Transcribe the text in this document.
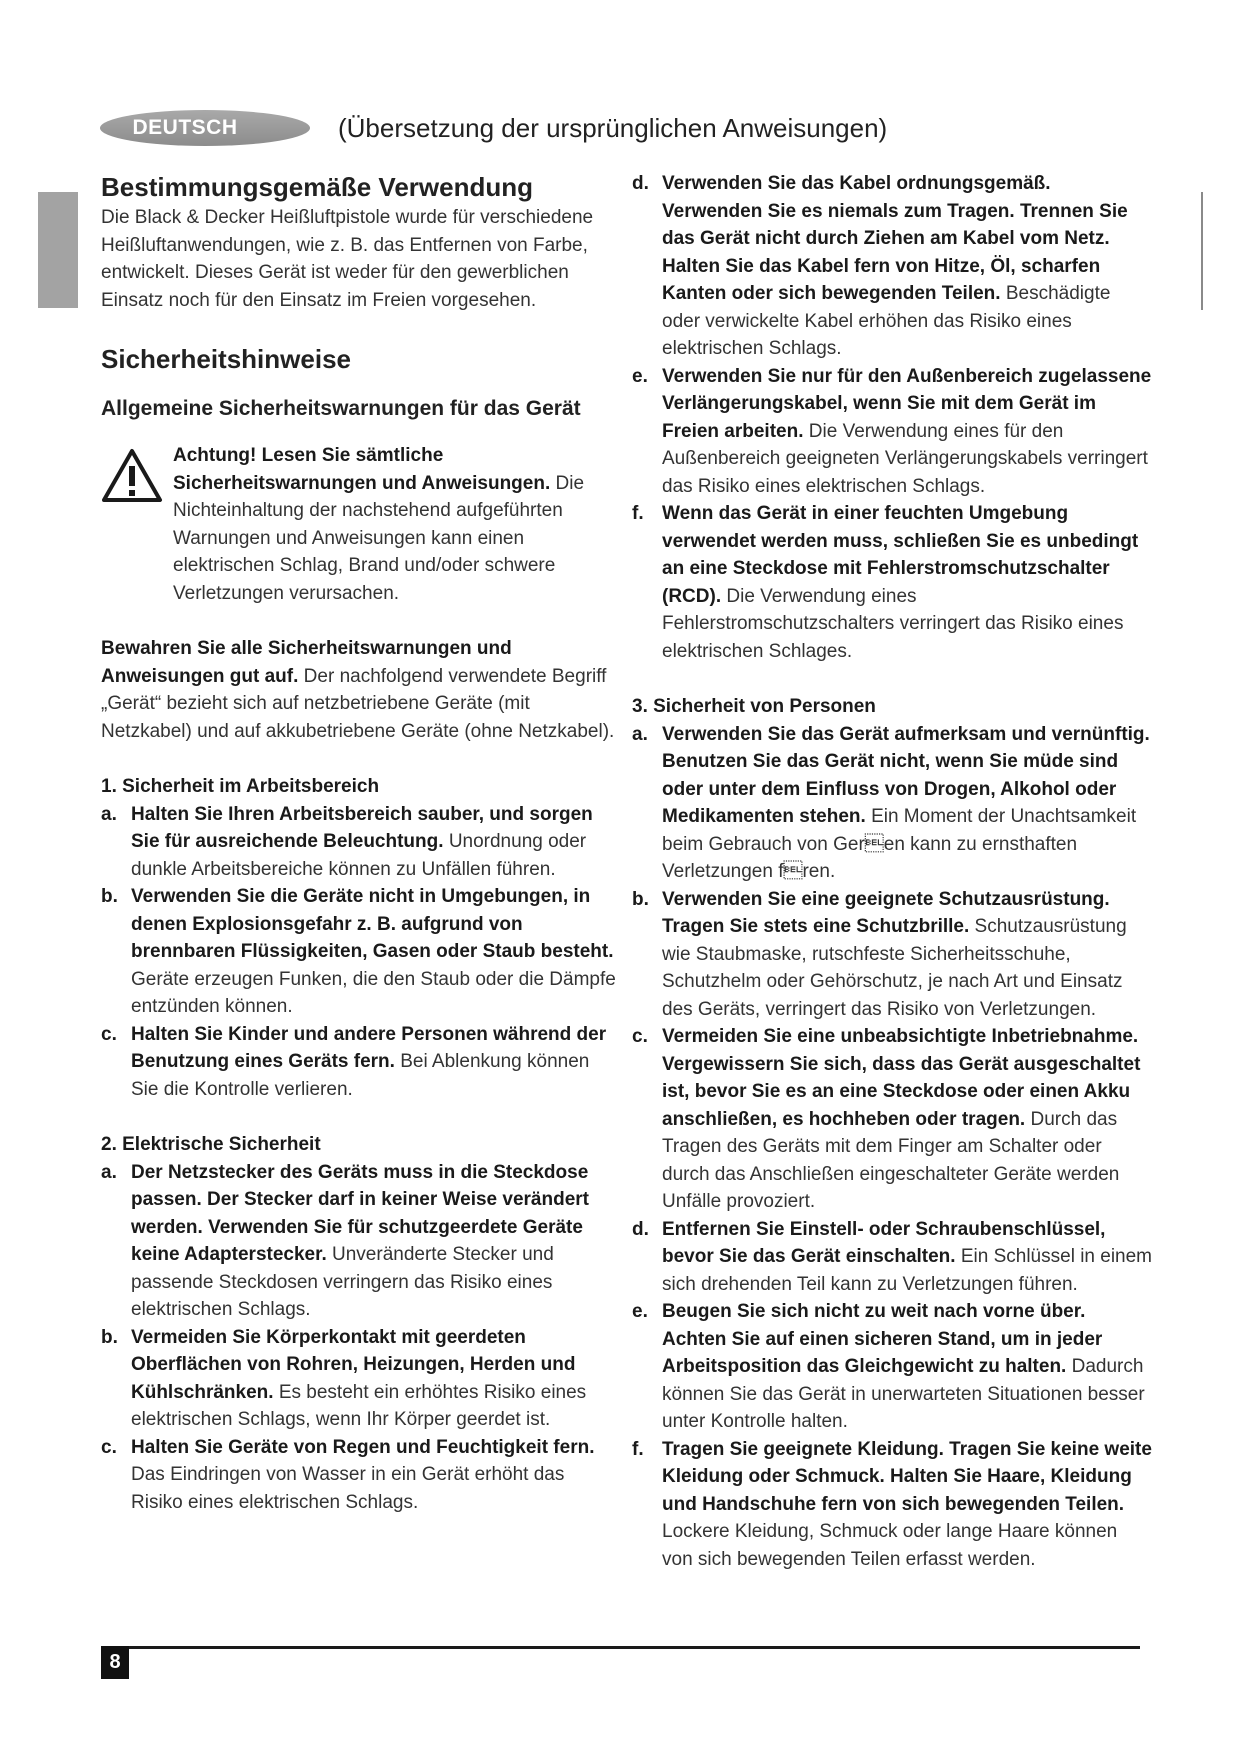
DEUTSCH	(Übersetzung der ursprünglichen Anweisungen)
Bestimmungsgemäße Verwendung

Die Black & Decker Heißluftpistole wurde für verschiedene Heißluftanwendungen, wie z. B. das Entfernen von Farbe, entwickelt. Dieses Gerät ist weder für den gewerblichen Einsatz noch für den Einsatz im Freien vorgesehen.

Sicherheitshinweise
Allgemeine Sicherheitswarnungen für das Gerät

Achtung! Lesen Sie sämtliche Sicherheitswarnungen und Anweisungen. Die Nichteinhaltung der nachstehend aufgeführten Warnungen und Anweisungen kann einen elektrischen Schlag, Brand und/oder schwere Verletzungen verursachen.

Bewahren Sie alle Sicherheitswarnungen und Anweisungen gut auf. Der nachfolgend verwendete Begriff „Gerät“ bezieht sich auf netzbetriebene Geräte (mit Netzkabel) und auf akkubetriebene Geräte (ohne Netzkabel).

1. Sicherheit im Arbeitsbereich
a. Halten Sie Ihren Arbeitsbereich sauber, und sorgen Sie für ausreichende Beleuchtung. Unordnung oder dunkle Arbeitsbereiche können zu Unfällen führen.
b. Verwenden Sie die Geräte nicht in Umgebungen, in denen Explosionsgefahr z. B. aufgrund von brennbaren Flüssigkeiten, Gasen oder Staub besteht. Geräte erzeugen Funken, die den Staub oder die Dämpfe entzünden können.
c. Halten Sie Kinder und andere Personen während der Benutzung eines Geräts fern. Bei Ablenkung können Sie die Kontrolle verlieren.
2. Elektrische Sicherheit
a. Der Netzstecker des Geräts muss in die Steckdose passen. Der Stecker darf in keiner Weise verändert werden. Verwenden Sie für schutzgeerdete Geräte keine Adapterstecker. Unveränderte Stecker und passende Steckdosen verringern das Risiko eines elektrischen Schlags.
b. Vermeiden Sie Körperkontakt mit geerdeten Oberflächen von Rohren, Heizungen, Herden und Kühlschränken. Es besteht ein erhöhtes Risiko eines elektrischen Schlags, wenn Ihr Körper geerdet ist.
c. Halten Sie Geräte von Regen und Feuchtigkeit fern. Das Eindringen von Wasser in ein Gerät erhöht das Risiko eines elektrischen Schlags.
d. Verwenden Sie das Kabel ordnungsgemäß. Verwenden Sie es niemals zum Tragen. Trennen Sie das Gerät nicht durch Ziehen am Kabel vom Netz. Halten Sie das Kabel fern von Hitze, Öl, scharfen Kanten oder sich bewegenden Teilen. Beschädigte oder verwickelte Kabel erhöhen das Risiko eines elektrischen Schlags.
e. Verwenden Sie nur für den Außenbereich zugelassene Verlängerungskabel, wenn Sie mit dem Gerät im Freien arbeiten. Die Verwendung eines für den Außenbereich geeigneten Verlängerungskabels verringert das Risiko eines elektrischen Schlags.
f. Wenn das Gerät in einer feuchten Umgebung verwendet werden muss, schließen Sie es unbedingt an eine Steckdose mit Fehlerstromschutzschalter (RCD). Die Verwendung eines Fehlerstromschutzschalters verringert das Risiko eines elektrischen Schlages.
3. Sicherheit von Personen
a. Verwenden Sie das Gerät aufmerksam und vernünftig. Benutzen Sie das Gerät nicht, wenn Sie müde sind oder unter dem Einfluss von Drogen, Alkohol oder Medikamenten stehen. Ein Moment der Unachtsamkeit beim Gebrauch von Geren kann zu ernsthaften Verletzungen fren.
b. Verwenden Sie eine geeignete Schutzausrüstung. Tragen Sie stets eine Schutzbrille. Schutzausrüstung wie Staubmaske, rutschfeste Sicherheitsschuhe, Schutzhelm oder Gehörschutz, je nach Art und Einsatz des Geräts, verringert das Risiko von Verletzungen.
c. Vermeiden Sie eine unbeabsichtigte Inbetriebnahme. Vergewissern Sie sich, dass das Gerät ausgeschaltet ist, bevor Sie es an eine Steckdose oder einen Akku anschließen, es hochheben oder tragen. Durch das Tragen des Geräts mit dem Finger am Schalter oder durch das Anschließen eingeschalteter Geräte werden Unfälle provoziert.
d. Entfernen Sie Einstell- oder Schraubenschlüssel, bevor Sie das Gerät einschalten. Ein Schlüssel in einem sich drehenden Teil kann zu Verletzungen führen.
e. Beugen Sie sich nicht zu weit nach vorne über. Achten Sie auf einen sicheren Stand, um in jeder Arbeitsposition das Gleichgewicht zu halten. Dadurch können Sie das Gerät in unerwarteten Situationen besser unter Kontrolle halten.
f. Tragen Sie geeignete Kleidung. Tragen Sie keine weite Kleidung oder Schmuck. Halten Sie Haare, Kleidung und Handschuhe fern von sich bewegenden Teilen. Lockere Kleidung, Schmuck oder lange Haare können von sich bewegenden Teilen erfasst werden.
8
